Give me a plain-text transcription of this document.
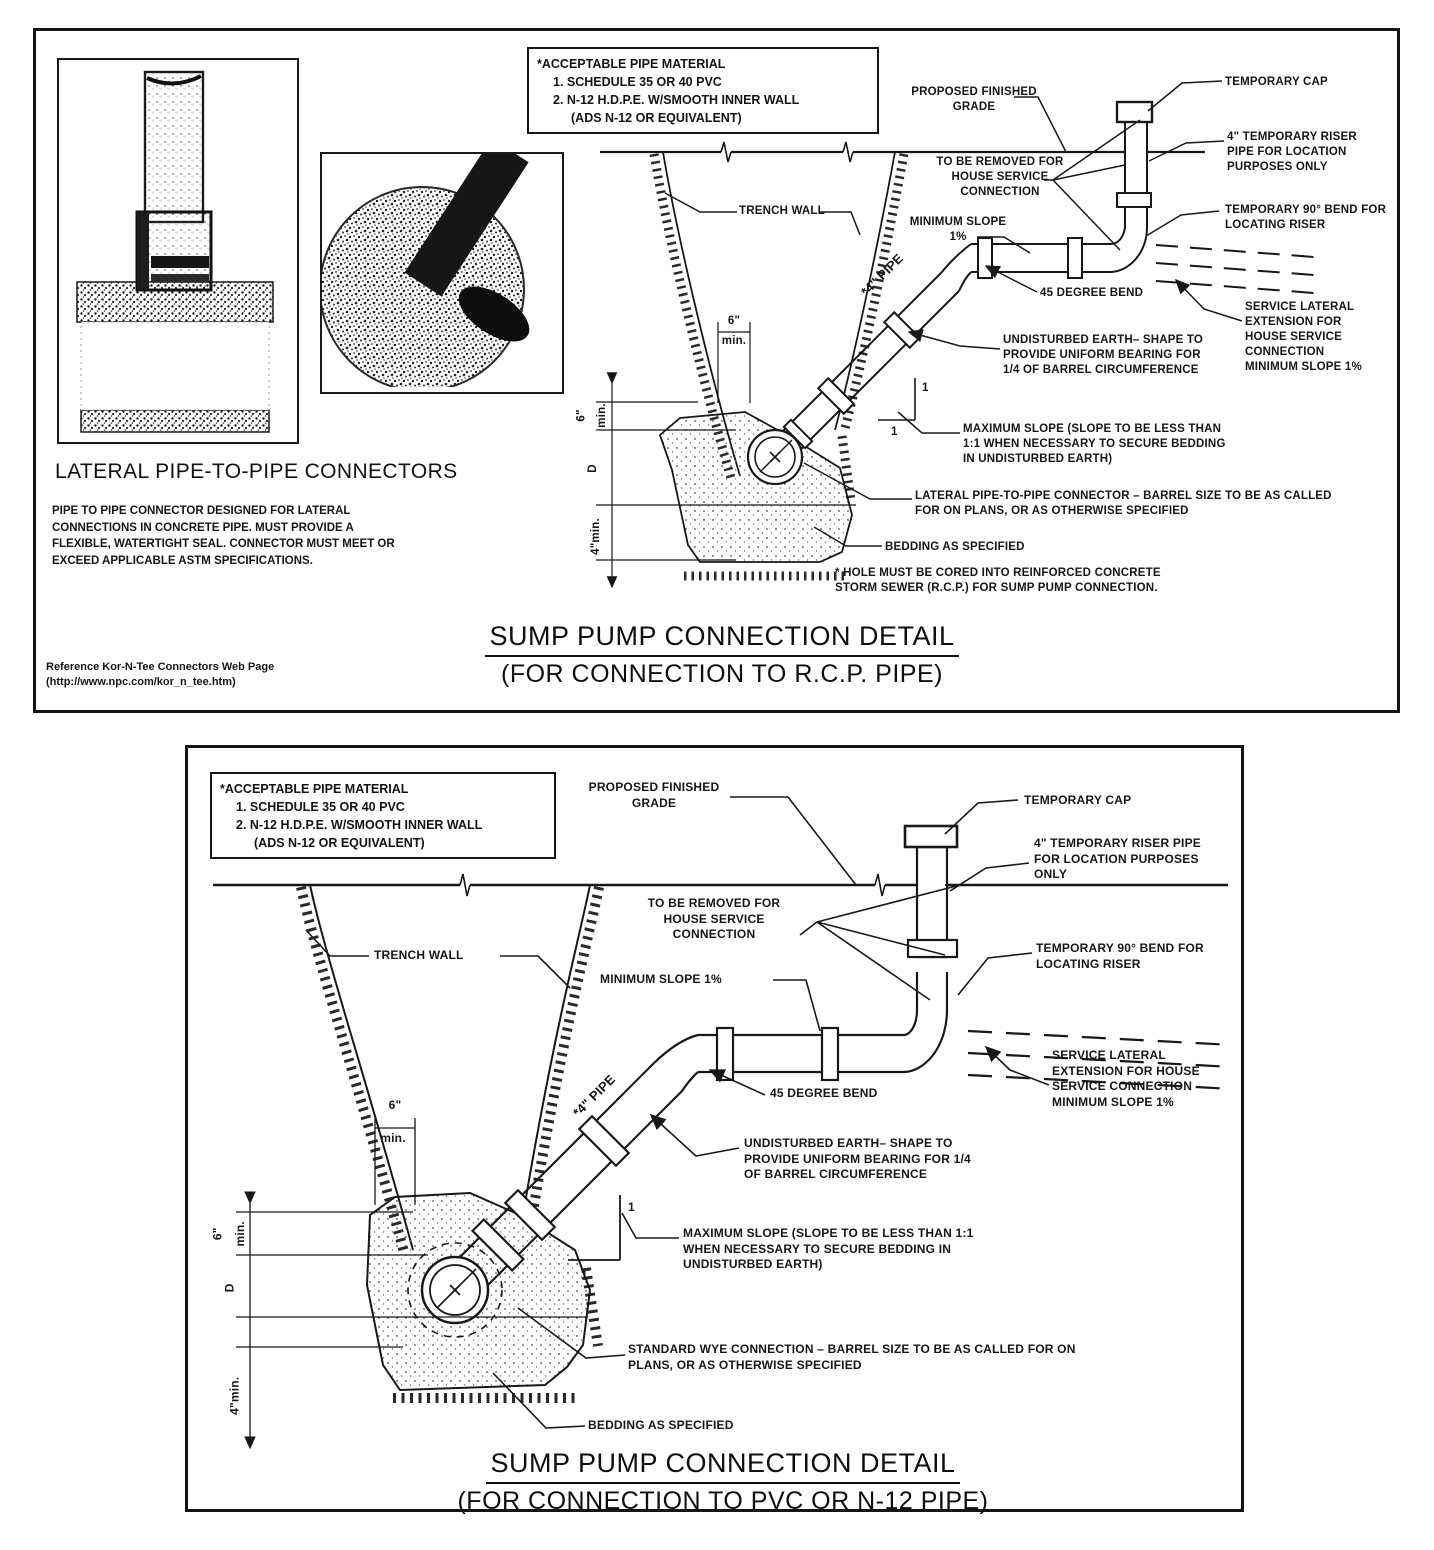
*ACCEPTABLE PIPE MATERIAL
1. SCHEDULE 35 OR 40 PVC
2. N-12 H.D.P.E. W/SMOOTH INNER WALL
(ADS N-12 OR EQUIVALENT)
PROPOSED FINISHED GRADE
TEMPORARY CAP
4" TEMPORARY RISER PIPE FOR LOCATION PURPOSES ONLY
TO BE REMOVED FOR HOUSE SERVICE CONNECTION
TEMPORARY 90° BEND FOR LOCATING RISER
TRENCH WALL
MINIMUM SLOPE 1%
45 DEGREE BEND
SERVICE LATERAL EXTENSION FOR HOUSE SERVICE CONNECTION MINIMUM SLOPE 1%
UNDISTURBED EARTH– SHAPE TO PROVIDE UNIFORM BEARING FOR 1/4 OF BARREL CIRCUMFERENCE
*4" PIPE
MAXIMUM SLOPE (SLOPE TO BE LESS THAN 1:1 WHEN NECESSARY TO SECURE BEDDING IN UNDISTURBED EARTH)
LATERAL PIPE-TO-PIPE CONNECTOR – BARREL SIZE TO BE AS CALLED FOR ON PLANS, OR AS OTHERWISE SPECIFIED
BEDDING AS SPECIFIED
* HOLE MUST BE CORED INTO REINFORCED CONCRETE STORM SEWER (R.C.P.) FOR SUMP PUMP CONNECTION.
6"
min.
6" min.
D
4"min.
1
1
LATERAL PIPE-TO-PIPE CONNECTORS
PIPE TO PIPE CONNECTOR DESIGNED FOR LATERAL CONNECTIONS IN CONCRETE PIPE. MUST PROVIDE A FLEXIBLE, WATERTIGHT SEAL. CONNECTOR MUST MEET OR EXCEED APPLICABLE ASTM SPECIFICATIONS.
Reference Kor-N-Tee Connectors Web Page
(http://www.npc.com/kor_n_tee.htm)
SUMP PUMP CONNECTION DETAIL
(FOR CONNECTION TO R.C.P. PIPE)
*ACCEPTABLE PIPE MATERIAL
1. SCHEDULE 35 OR 40 PVC
2. N-12 H.D.P.E. W/SMOOTH INNER WALL
(ADS N-12 OR EQUIVALENT)
PROPOSED FINISHED GRADE	TEMPORARY CAP
4" TEMPORARY RISER PIPE FOR LOCATION PURPOSES ONLY
TO BE REMOVED FOR HOUSE SERVICE CONNECTION
TEMPORARY 90° BEND FOR LOCATING RISER
TRENCH WALL
MINIMUM SLOPE 1%
45 DEGREE BEND
SERVICE LATERAL EXTENSION FOR HOUSE SERVICE CONNECTION MINIMUM SLOPE 1%
UNDISTURBED EARTH– SHAPE TO PROVIDE UNIFORM BEARING FOR 1/4 OF BARREL CIRCUMFERENCE
*4" PIPE
MAXIMUM SLOPE (SLOPE TO BE LESS THAN 1:1 WHEN NECESSARY TO SECURE BEDDING IN UNDISTURBED EARTH)
STANDARD WYE CONNECTION – BARREL SIZE TO BE AS CALLED FOR ON PLANS, OR AS OTHERWISE SPECIFIED
BEDDING AS SPECIFIED
6"
min.
6" min.
D
4"min.
1
1
SUMP PUMP CONNECTION DETAIL
(FOR CONNECTION TO PVC OR N-12 PIPE)
